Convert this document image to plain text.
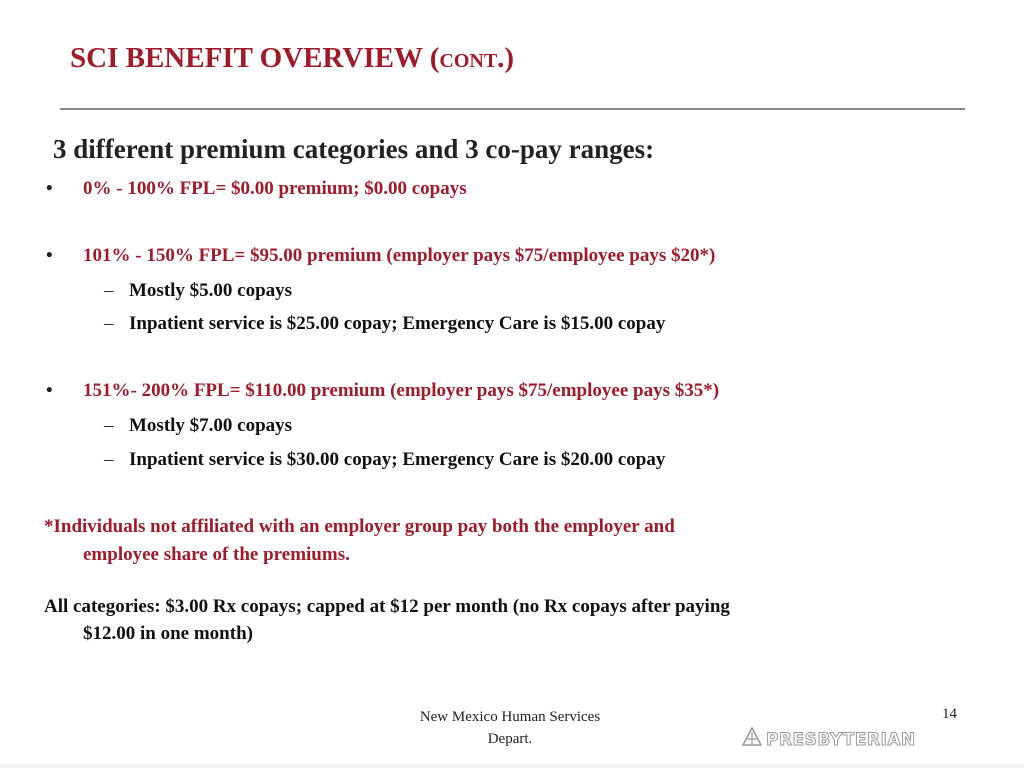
SCI BENEFIT OVERVIEW (cont.)
3 different premium categories and 3 co-pay ranges:
• 0% - 100% FPL= $0.00 premium; $0.00 copays
• 101% - 150% FPL= $95.00 premium (employer pays $75/employee pays $20*)
– Mostly $5.00 copays
– Inpatient service is $25.00 copay; Emergency Care is $15.00 copay
• 151%- 200% FPL= $110.00 premium (employer pays $75/employee pays $35*)
– Mostly $7.00 copays
– Inpatient service is $30.00 copay; Emergency Care is $20.00 copay
*Individuals not affiliated with an employer group pay both the employer and
employee share of the premiums.
All categories: $3.00 Rx copays; capped at $12 per month (no Rx copays after paying
$12.00 in one month)
New Mexico Human Services
Depart.
14
PRESBYTERIAN
